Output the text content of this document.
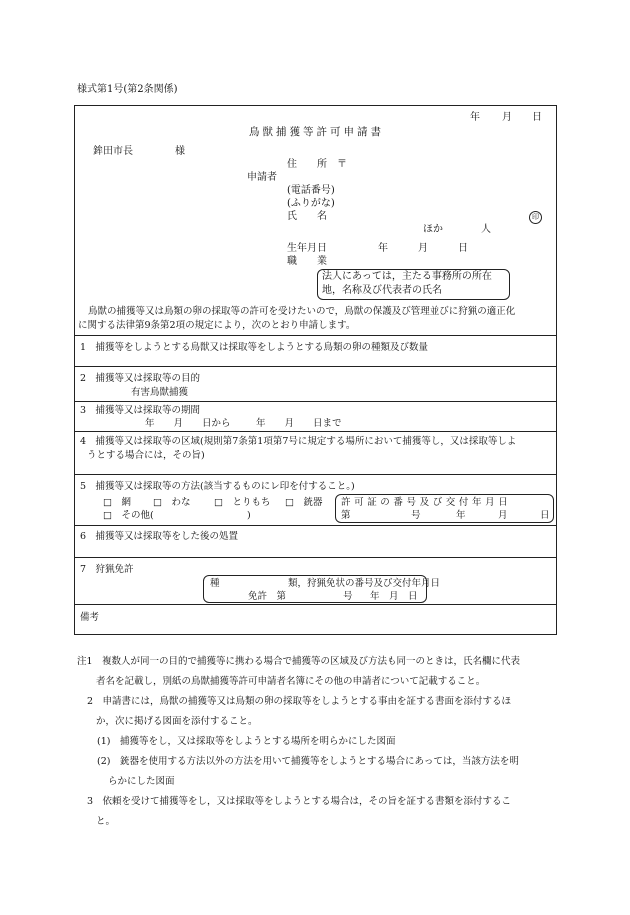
様式第1号(第2条関係)
年 月 日
鳥獣捕獲等許可申請書
鉾田市長	様
住　　所 〒
申請者
(電話番号)
(ふりがな)
氏　　名	印
ほか	人
生年月日	年	月	日
職　　業
法人にあっては，主たる事務所の所在
地，名称及び代表者の氏名
鳥獣の捕獲等又は鳥類の卵の採取等の許可を受けたいので，鳥獣の保護及び管理並びに狩猟の適正化
に関する法律第9条第2項の規定により，次のとおり申請します。
1　捕獲等をしようとする鳥獣又は採取等をしようとする鳥類の卵の種類及び数量
2　捕獲等又は採取等の目的
有害鳥獣捕獲
3　捕獲等又は採取等の期間
年　　月　　日から	年　　月　　日まで
4　捕獲等又は採取等の区域(規則第7条第1項第7号に規定する場所において捕獲等し，又は採取等しよ
うとする場合には，その旨)
5　捕獲等又は採取等の方法(該当するものにレ印を付すること。)
□　網 □　わな □　とりもち □　銃器
□　その他(	)
許可証の番号及び交付年月日
第	号	年	月	日
6　捕獲等又は採取等をした後の処置
7　狩猟免許
種	類，狩猟免状の番号及び交付年月日
免許　第	号 年　月　日
備考
注1　複数人が同一の目的で捕獲等に携わる場合で捕獲等の区域及び方法も同一のときは，氏名欄に代表
者名を記載し，別紙の鳥獣捕獲等許可申請者名簿にその他の申請者について記載すること。
2　申請書には，鳥獣の捕獲等又は鳥類の卵の採取等をしようとする事由を証する書面を添付するほ
か，次に掲げる図面を添付すること。
(1)　捕獲等をし，又は採取等をしようとする場所を明らかにした図面
(2)　銃器を使用する方法以外の方法を用いて捕獲等をしようとする場合にあっては，当該方法を明
らかにした図面
3　依頼を受けて捕獲等をし，又は採取等をしようとする場合は，その旨を証する書類を添付するこ
と。
